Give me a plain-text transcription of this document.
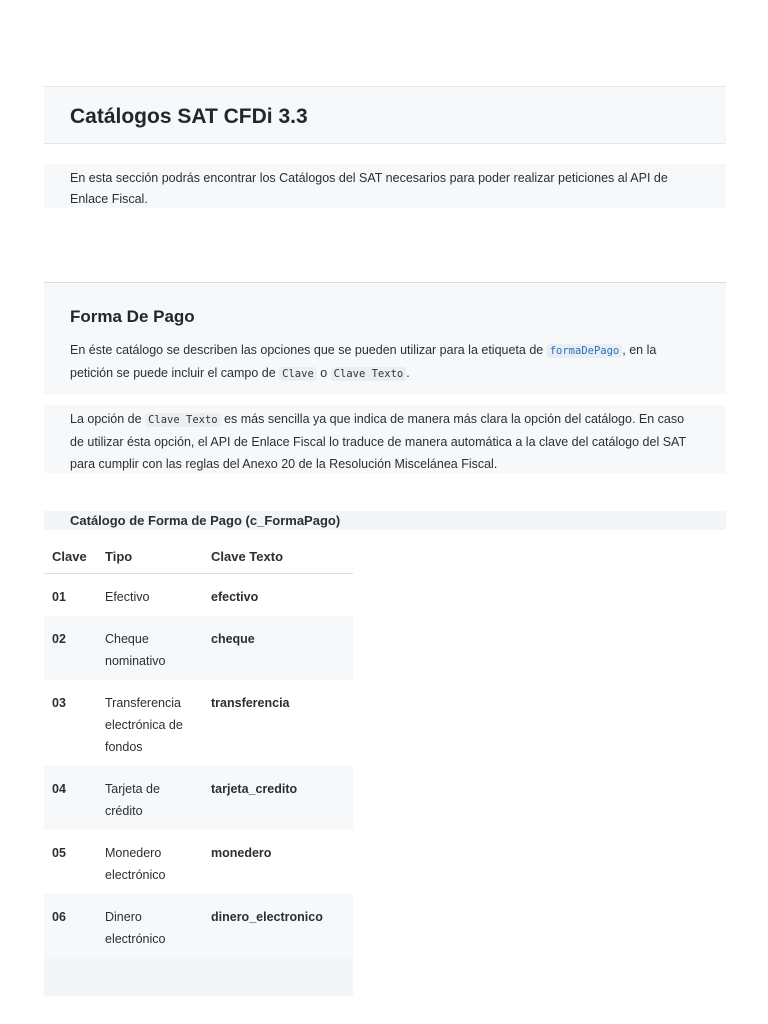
Catálogos SAT CFDi 3.3
En esta sección podrás encontrar los Catálogos del SAT necesarios para poder realizar peticiones al API de Enlace Fiscal.
Forma De Pago

En éste catálogo se describen las opciones que se pueden utilizar para la etiqueta de formaDePago , en la petición se puede incluir el campo de Clave o Clave Texto .

La opción de Clave Texto es más sencilla ya que indica de manera más clara la opción del catálogo. En caso de utilizar ésta opción, el API de Enlace Fiscal lo traduce de manera automática a la clave del catálogo del SAT para cumplir con las reglas del Anexo 20 de la Resolución Miscelánea Fiscal.
Catálogo de Forma de Pago (c_FormaPago)
Clave	Tipo	Clave Texto
01	Efectivo	efectivo
02	Cheque nominativo	cheque
03	Transferencia electrónica de fondos	transferencia
04	Tarjeta de crédito	tarjeta_credito
05	Monedero electrónico	monedero
06	Dinero electrónico	dinero_electronico
